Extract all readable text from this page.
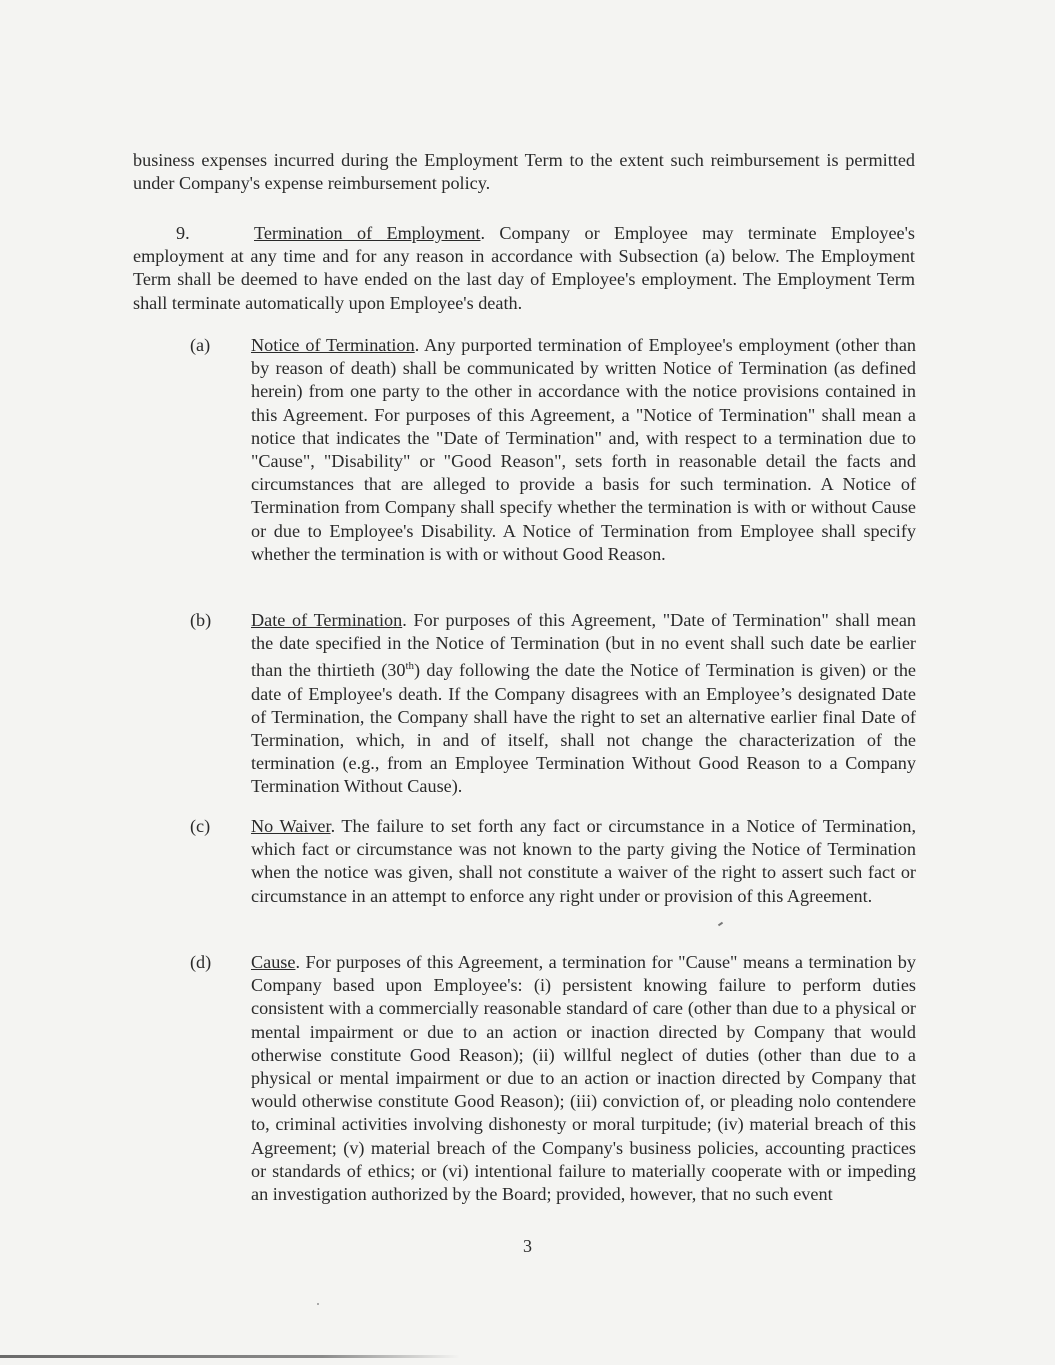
business expenses incurred during the Employment Term to the extent such reimbursement is permitted under Company's expense reimbursement policy.

9.	Termination of Employment. Company or Employee may terminate Employee's employment at any time and for any reason in accordance with Subsection (a) below. The Employment Term shall be deemed to have ended on the last day of Employee's employment. The Employment Term shall terminate automatically upon Employee's death.

(a)	Notice of Termination. Any purported termination of Employee's employment (other than by reason of death) shall be communicated by written Notice of Termination (as defined herein) from one party to the other in accordance with the notice provisions contained in this Agreement. For purposes of this Agreement, a "Notice of Termination" shall mean a notice that indicates the "Date of Termination" and, with respect to a termination due to "Cause", "Disability" or "Good Reason", sets forth in reasonable detail the facts and circumstances that are alleged to provide a basis for such termination. A Notice of Termination from Company shall specify whether the termination is with or without Cause or due to Employee's Disability. A Notice of Termination from Employee shall specify whether the termination is with or without Good Reason.
(b)	Date of Termination. For purposes of this Agreement, "Date of Termination" shall mean the date specified in the Notice of Termination (but in no event shall such date be earlier than the thirtieth (30th) day following the date the Notice of Termination is given) or the date of Employee's death. If the Company disagrees with an Employee’s designated Date of Termination, the Company shall have the right to set an alternative earlier final Date of Termination, which, in and of itself, shall not change the characterization of the termination (e.g., from an Employee Termination Without Good Reason to a Company Termination Without Cause).
(c)	No Waiver. The failure to set forth any fact or circumstance in a Notice of Termination, which fact or circumstance was not known to the party giving the Notice of Termination when the notice was given, shall not constitute a waiver of the right to assert such fact or circumstance in an attempt to enforce any right under or provision of this Agreement.
(d)	Cause. For purposes of this Agreement, a termination for "Cause" means a termination by Company based upon Employee's: (i) persistent knowing failure to perform duties consistent with a commercially reasonable standard of care (other than due to a physical or mental impairment or due to an action or inaction directed by Company that would otherwise constitute Good Reason); (ii) willful neglect of duties (other than due to a physical or mental impairment or due to an action or inaction directed by Company that would otherwise constitute Good Reason); (iii) conviction of, or pleading nolo contendere to, criminal activities involving dishonesty or moral turpitude; (iv) material breach of this Agreement; (v) material breach of the Company's business policies, accounting practices or standards of ethics; or (vi) intentional failure to materially cooperate with or impeding an investigation authorized by the Board; provided, however, that no such event
3
